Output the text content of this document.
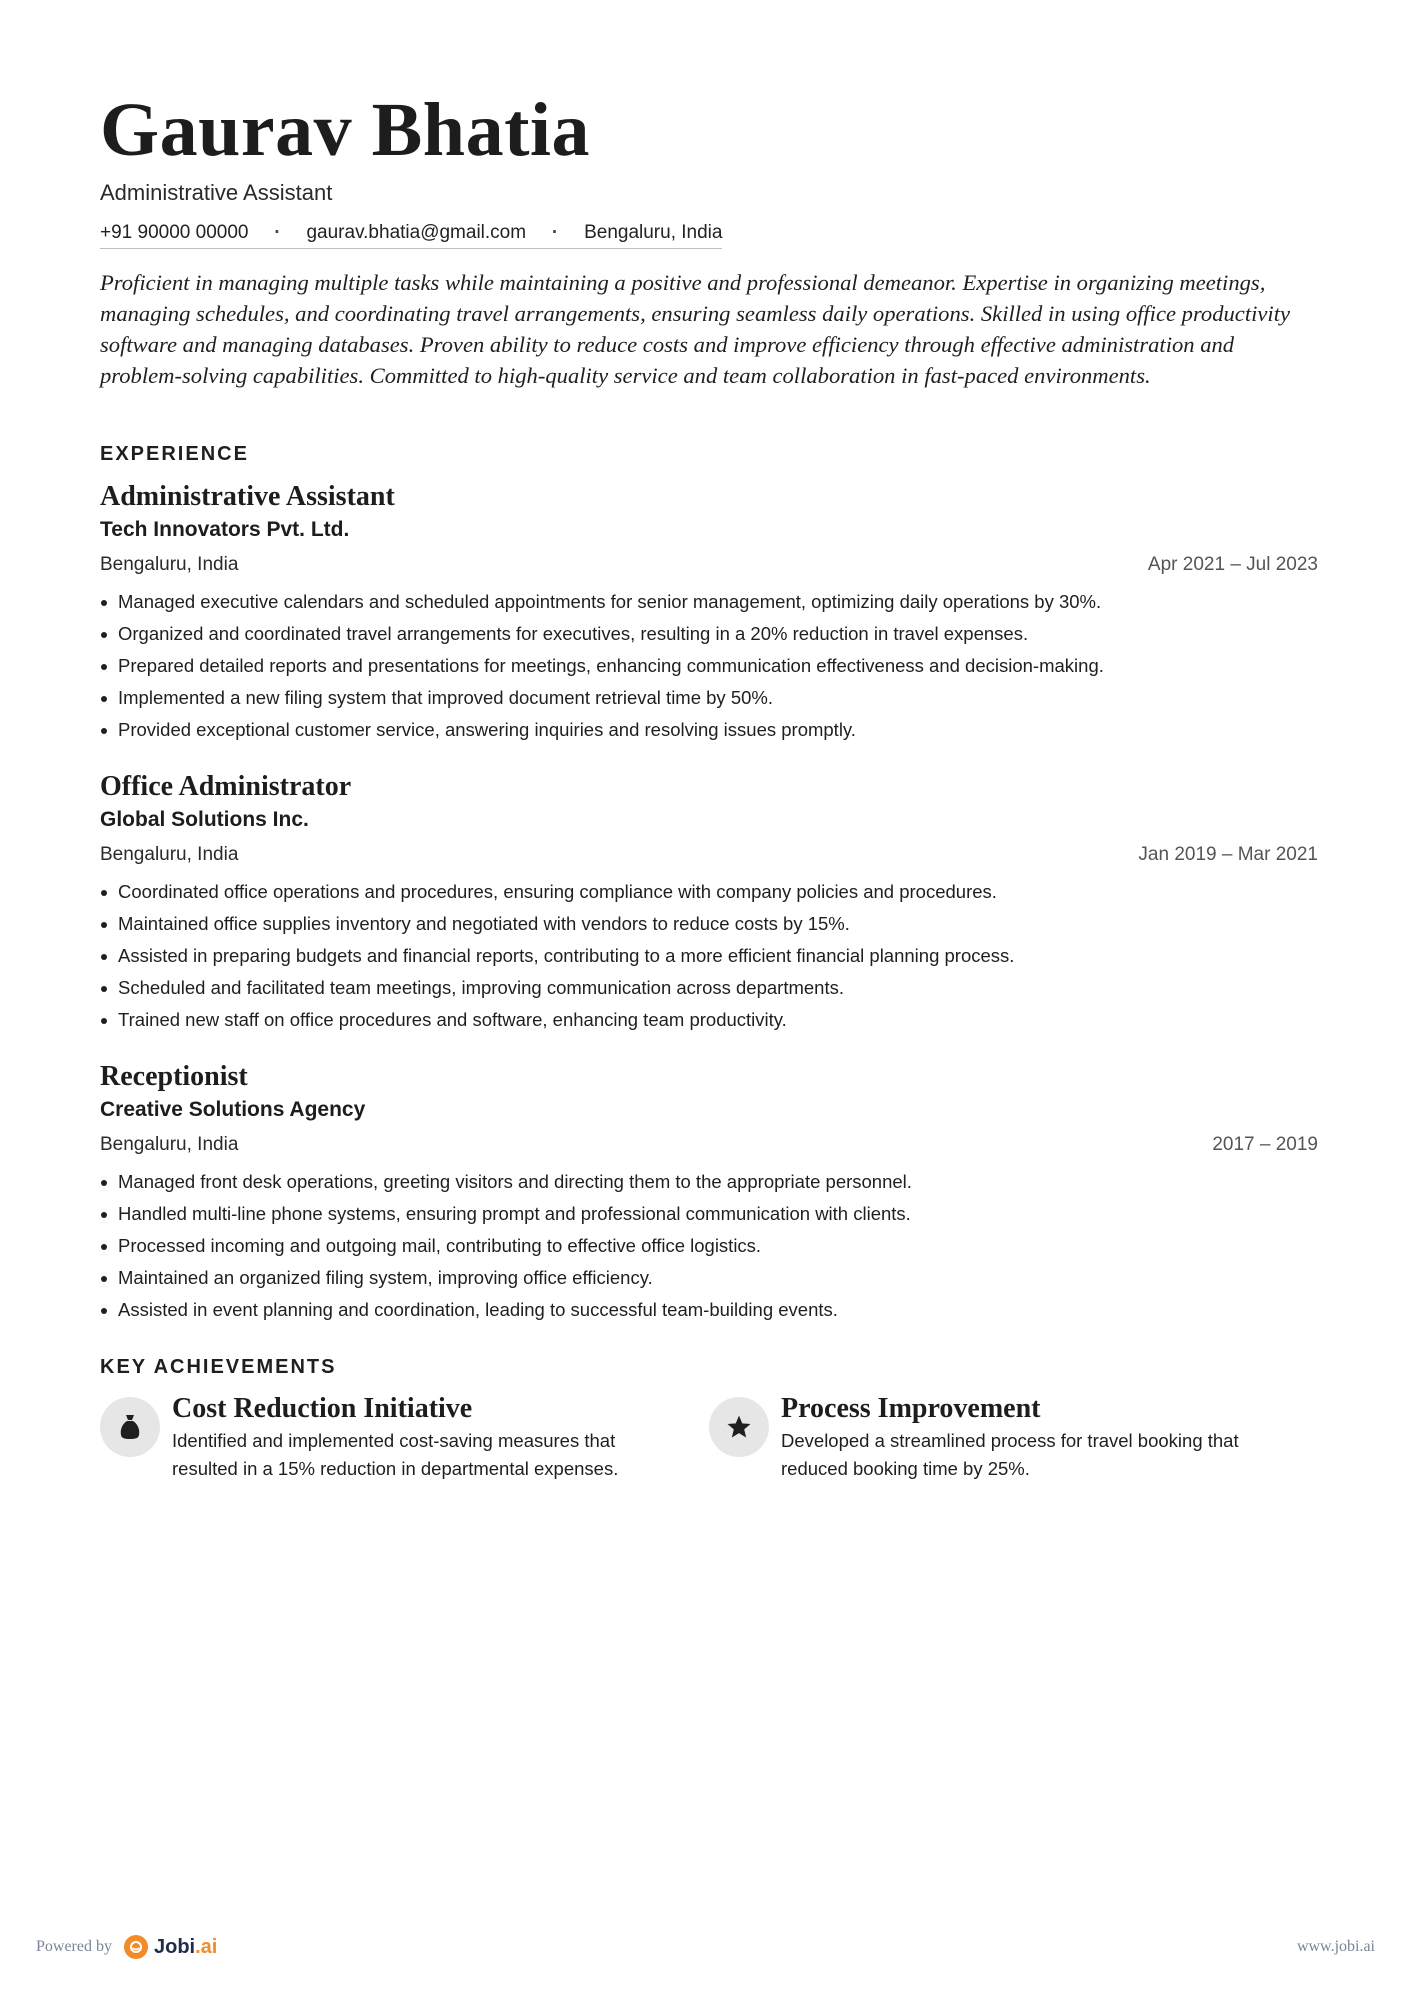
Gaurav Bhatia
Administrative Assistant
+91 90000 00000	·	gaurav.bhatia@gmail.com	·	Bengaluru, India
Proficient in managing multiple tasks while maintaining a positive and professional demeanor. Expertise in organizing meetings, managing schedules, and coordinating travel arrangements, ensuring seamless daily operations. Skilled in using office productivity software and managing databases. Proven ability to reduce costs and improve efficiency through effective administration and problem-solving capabilities. Committed to high-quality service and team collaboration in fast-paced environments.
EXPERIENCE
Administrative Assistant
Tech Innovators Pvt. Ltd.
Bengaluru, India	Apr 2021 – Jul 2023
Managed executive calendars and scheduled appointments for senior management, optimizing daily operations by 30%.
Organized and coordinated travel arrangements for executives, resulting in a 20% reduction in travel expenses.
Prepared detailed reports and presentations for meetings, enhancing communication effectiveness and decision-making.
Implemented a new filing system that improved document retrieval time by 50%.
Provided exceptional customer service, answering inquiries and resolving issues promptly.
Office Administrator
Global Solutions Inc.
Bengaluru, India	Jan 2019 – Mar 2021
Coordinated office operations and procedures, ensuring compliance with company policies and procedures.
Maintained office supplies inventory and negotiated with vendors to reduce costs by 15%.
Assisted in preparing budgets and financial reports, contributing to a more efficient financial planning process.
Scheduled and facilitated team meetings, improving communication across departments.
Trained new staff on office procedures and software, enhancing team productivity.
Receptionist
Creative Solutions Agency
Bengaluru, India	2017 – 2019
Managed front desk operations, greeting visitors and directing them to the appropriate personnel.
Handled multi-line phone systems, ensuring prompt and professional communication with clients.
Processed incoming and outgoing mail, contributing to effective office logistics.
Maintained an organized filing system, improving office efficiency.
Assisted in event planning and coordination, leading to successful team-building events.
KEY ACHIEVEMENTS
Cost Reduction Initiative
Identified and implemented cost-saving measures that resulted in a 15% reduction in departmental expenses.
Process Improvement
Developed a streamlined process for travel booking that reduced booking time by 25%.
Powered by Jobi .ai	www.jobi.ai
